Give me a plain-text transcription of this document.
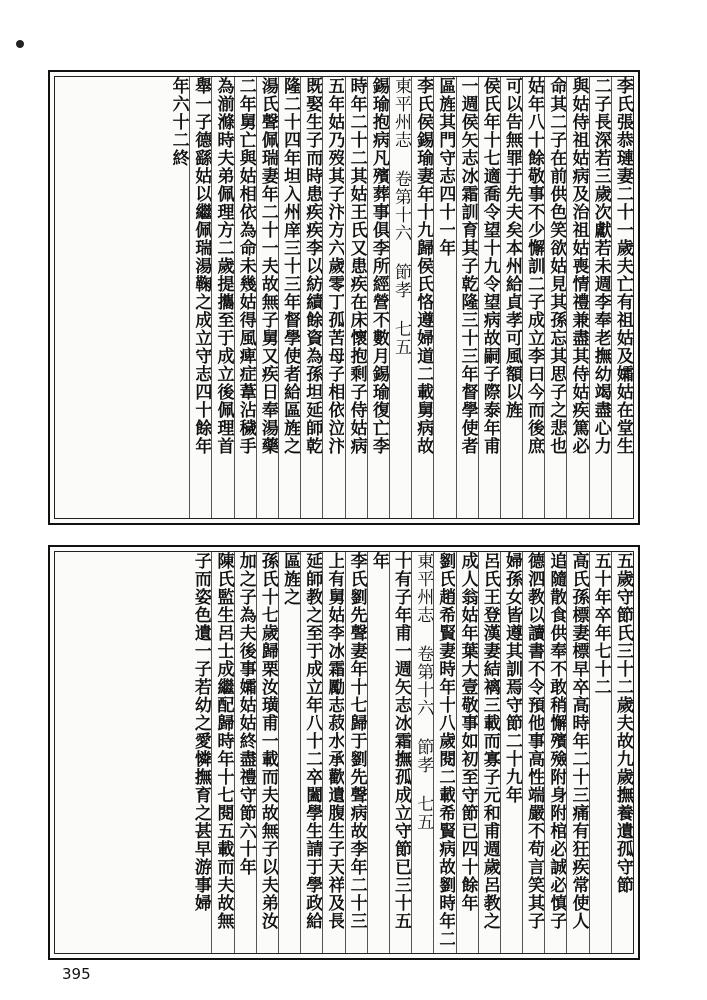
李氏張恭璉妻二十一歲夫亡有祖姑及孀姑在堂生
二子長深若三歲次獻若未週李奉老撫幼竭盡心力
與姑侍祖姑病及治祖姑喪情禮兼盡其侍姑疾篤必
命其二子在前供色笑欲姑見其孫忘其思子之悲也
姑年八十餘敬事不少懈訓二子成立李曰今而後庶
可以告無罪于先夫矣本州給貞孝可風額以旌
侯氏年十七適喬令望十九令望病故嗣子際泰年甫
一週侯矢志冰霜訓育其子乾隆三十三年督學使者
區旌其門守志四十一年
李氏侯錫瑜妻年十九歸侯氏恪遵婦道二載舅病故
東平州志 卷第十六 節孝 七五
錫瑜抱病凡殯葬事俱李所經營不數月錫瑜復亡李
時年二十二其姑王氏又患疾在床懷抱剩子侍姑病
五年姑乃歿其子汴方六歲零丁孤苦母子相依泣汴
既娶生子而時患疾疾李以紡績餘資為孫坦延師乾
隆二十四年坦入州庠三十三年督學使者給區旌之
湯氏聲佩瑞妻年二十一夫故無子舅又疾日奉湯藥
二年舅亡與姑相依為命未幾姑得風痺症葦沾穢手
為湔滌時夫弟佩理方二歲提攜至于成立後佩理首
舉一子德繇姑以繼佩瑞湯鞠之成立守志四十餘年
年六十二終
五歲守節氏三十二歲夫故九歲撫養遺孤守節
五十年卒年七十二
高氏孫標妻標早卒高時年二十三痛有狂疾常使人
追隨散食供奉不敢稍懈殯殮附身附棺必誠必慎子
德泗教以讀書不令預他事高性端嚴不苟言笑其子
婦孫女皆遵其訓焉守節二十九年
呂氏王登漢妻結褵三載而寡子元和甫週歲呂教之
成人翁姑年葉大壹敬事如初至守節已四十餘年
劉氏趙希賢妻時年十八歲閱二載希賢病故劉時年二
東平州志 卷第十六 節孝 七五
十有子年甫一週矢志冰霜撫孤成立守節已三十五
年
李氏劉先聲妻年十七歸于劉先聲病故李年二十三
上有舅姑李冰霜勵志菽水承歡遺腹生子天祥及長
延師教之至于成立年八十二卒闔學生請于學政給
區旌之
孫氏十七歲歸栗汝璜甫一載而夫故無子以夫弟汝
加之子為夫後事孀姑姑終盡禮守節六十年
陳氏監生呂士成繼配歸時年十七閱五載而夫故無
子而姿色遺一子若幼之愛憐撫育之甚早游事婦
395
